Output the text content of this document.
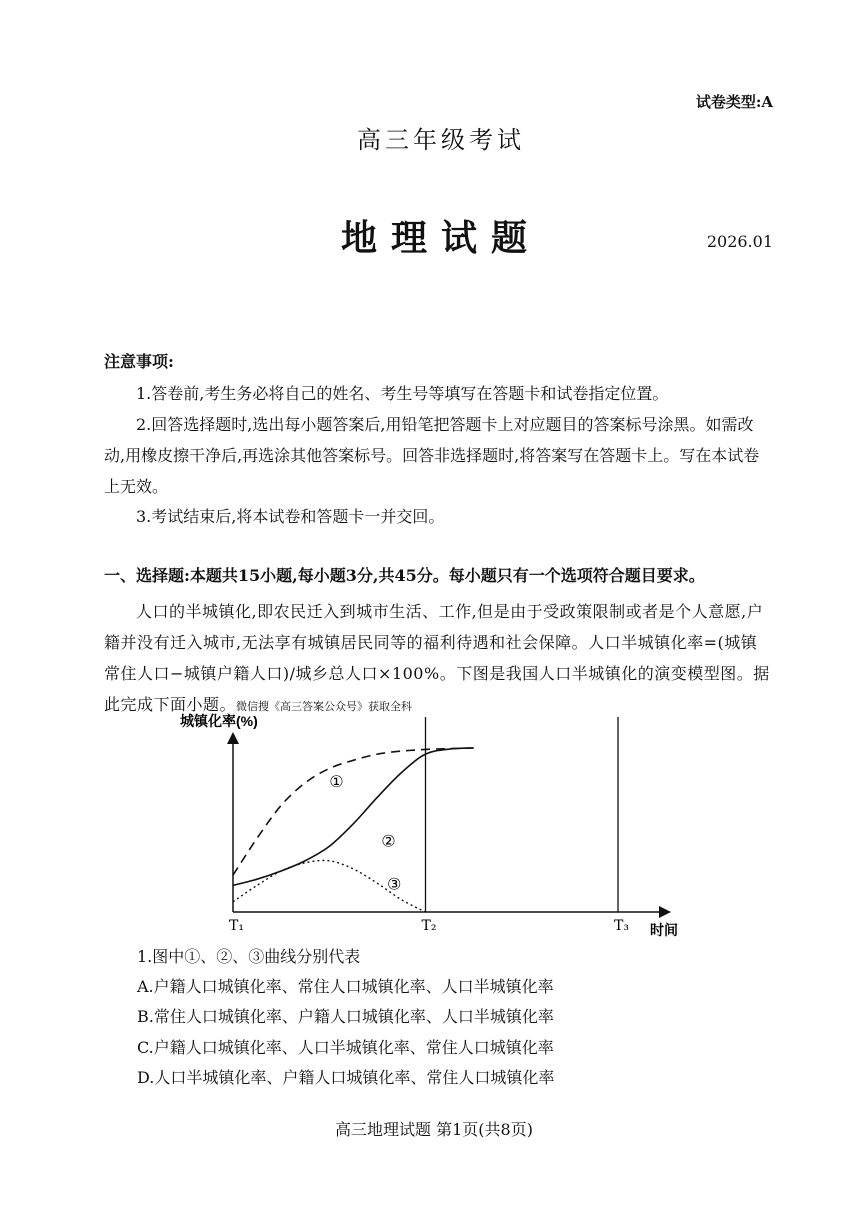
试卷类型:A
高三年级考试
地理试题	2026.01
注意事项:
1.答卷前,考生务必将自己的姓名、考生号等填写在答题卡和试卷指定位置。
2.回答选择题时,选出每小题答案后,用铅笔把答题卡上对应题目的答案标号涂黑。如需改动,用橡皮擦干净后,再选涂其他答案标号。回答非选择题时,将答案写在答题卡上。写在本试卷上无效。
3.考试结束后,将本试卷和答题卡一并交回。
一、选择题:本题共15小题,每小题3分,共45分。每小题只有一个选项符合题目要求。
人口的半城镇化,即农民迁入到城市生活、工作,但是由于受政策限制或者是个人意愿,户籍并没有迁入城市,无法享有城镇居民同等的福利待遇和社会保障。人口半城镇化率=(城镇常住人口−城镇户籍人口)/城乡总人口×100%。下图是我国人口半城镇化的演变模型图。据此完成下面小题。微信搜《高三答案公众号》获取全科
①
②
③
T₁	T₂	T₃
城镇化率(%)
时间
1.图中①、②、③曲线分别代表
A.户籍人口城镇化率、常住人口城镇化率、人口半城镇化率
B.常住人口城镇化率、户籍人口城镇化率、人口半城镇化率
C.户籍人口城镇化率、人口半城镇化率、常住人口城镇化率
D.人口半城镇化率、户籍人口城镇化率、常住人口城镇化率
高三地理试题 第1页(共8页)
